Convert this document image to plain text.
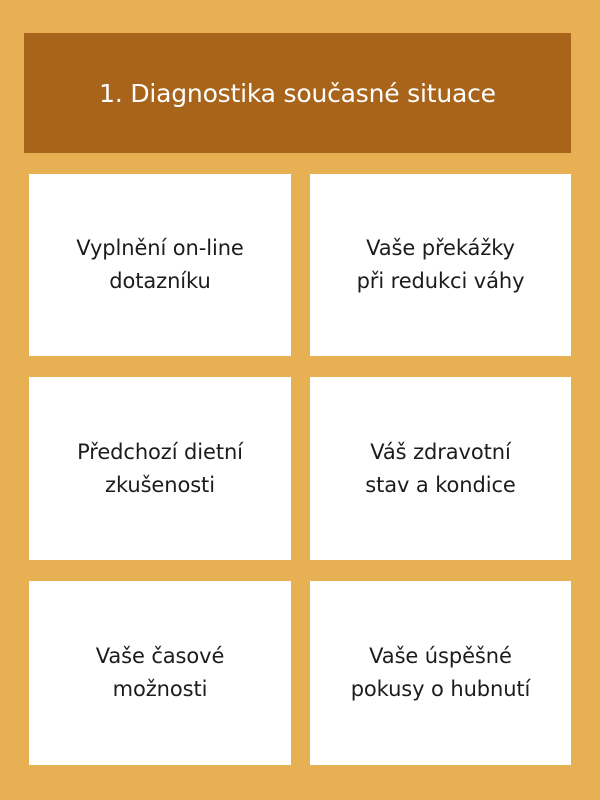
1. Diagnostika současné situace
Vyplnění on-line
dotazníku
Vaše překážky
při redukci váhy
Předchozí dietní
zkušenosti
Váš zdravotní
stav a kondice
Vaše časové
možnosti
Vaše úspěšné
pokusy o hubnutí
